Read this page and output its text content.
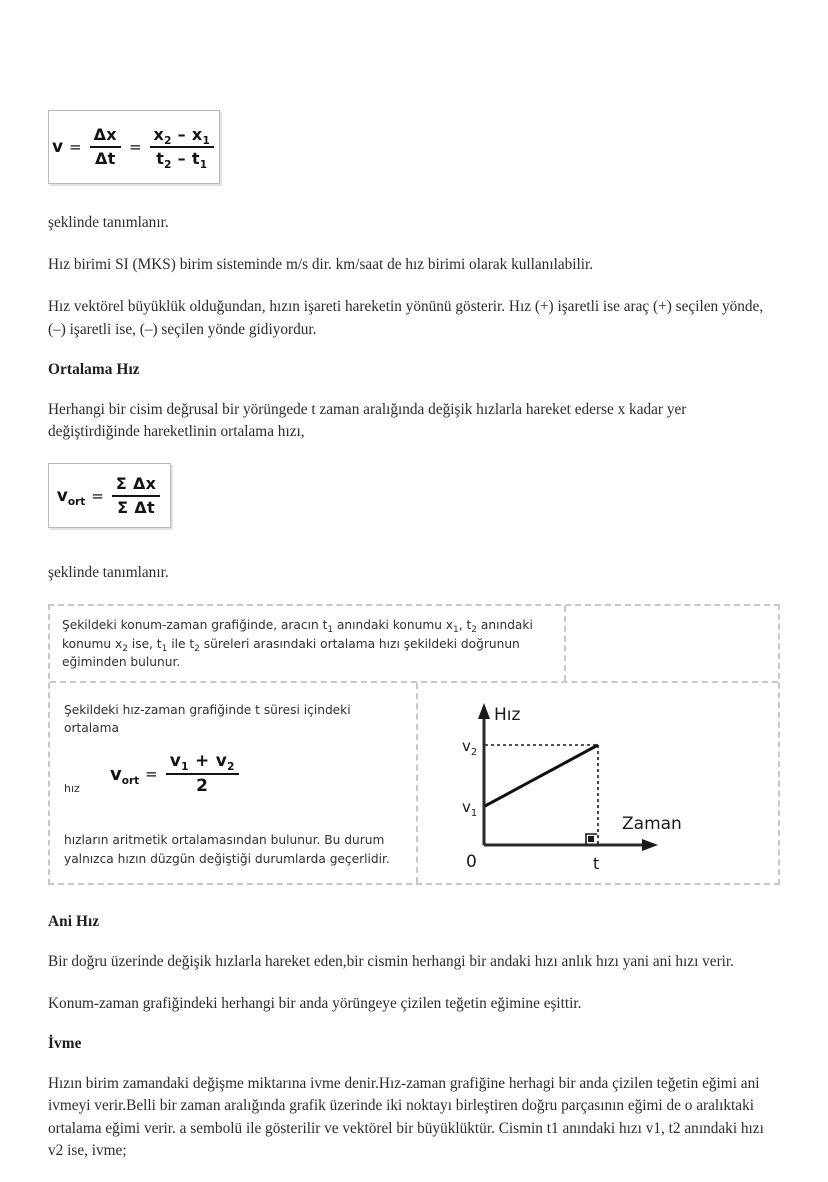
$v = \frac{\Delta x}{\Delta t} = \frac{x_2 - x_1}{t_2 - t_1}$

şeklinde tanımlanır.

Hız birimi SI (MKS) birim sisteminde m/s dir. km/saat de hız birimi olarak kullanılabilir.

Hız vektörel büyüklük olduğundan, hızın işareti hareketin yönünü gösterir. Hız (+) işaretli ise araç (+) seçilen yönde, (–) işaretli ise, (–) seçilen yönde gidiyordur.

Ortalama Hız

Herhangi bir cisim değrusal bir yörüngede t zaman aralığında değişik hızlarla hareket ederse x kadar yer değiştirdiğinde hareketlinin ortalama hızı,

$v_{ort} = \frac{\text{Σ Δx}}{\text{Σ Δt}}$

şeklinde tanımlanır.

Şekildeki konum-zaman grafiğinde, aracın $t_1$ anındaki konumu $x_1$, $t_2$ anındaki konumu $x_2$ ise, $t_1$ ile $t_2$ süreleri arasındaki ortalama hızı şekildeki doğrunun eğiminden bulunur.

Şekildeki hız-zaman grafiğinde t süresi içindeki ortalama

$v_{ort} = \frac{v_1 + v_2}{2}$
hız

hızların aritmetik ortalamasından bulunur. Bu durum yalnızca hızın düzgün değiştiği durumlarda geçerlidir.

Hız
Zaman
$v_2$
$v_1$
0	t
Ani Hız

Bir doğru üzerinde değişik hızlarla hareket eden,bir cismin herhangi bir andaki hızı anlık hızı yani ani hızı verir.

Konum-zaman grafiğindeki herhangi bir anda yörüngeye çizilen teğetin eğimine eşittir.

İvme

Hızın birim zamandaki değişme miktarına ivme denir.Hız-zaman grafiğine herhagi bir anda çizilen teğetin eğimi ani ivmeyi verir.Belli bir zaman aralığında grafik üzerinde iki noktayı birleştiren doğru parçasının eğimi de o aralıktaki ortalama eğimi verir. a sembolü ile gösterilir ve vektörel bir büyüklüktür. Cismin t1 anındaki hızı v1, t2 anındaki hızı v2 ise, ivme;
